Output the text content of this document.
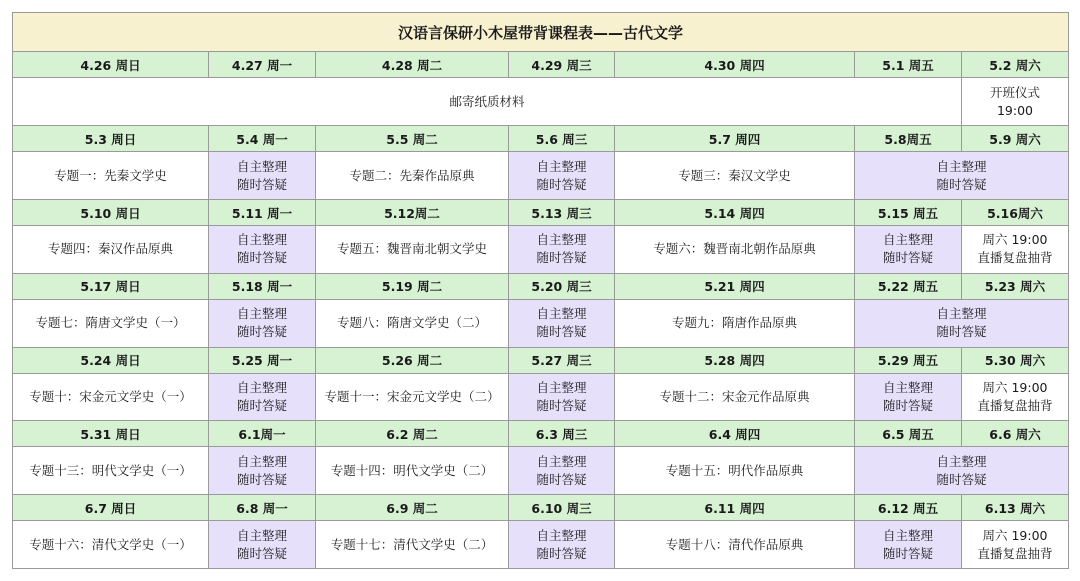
汉语言保研小木屋带背课程表——古代文学						
4.26 周日	4.27 周一	4.28 周二	4.29 周三	4.30 周四	5.1 周五	5.2 周六
邮寄纸质材料						开班仪式
19:00

5.3 周日	5.4 周一	5.5 周二	5.6 周三	5.7 周四	5.8周五	5.9 周六
专题一：先秦文学史	自主整理
随时答疑	专题二：先秦作品原典	自主整理
随时答疑	专题三：秦汉文学史	自主整理
随时答疑	

5.10 周日	5.11 周一	5.12周二	5.13 周三	5.14 周四	5.15 周五	5.16周六
专题四：秦汉作品原典	自主整理
随时答疑	专题五：魏晋南北朝文学史	自主整理
随时答疑	专题六：魏晋南北朝作品原典	自主整理
随时答疑	周六 19:00
直播复盘抽背

5.17 周日	5.18 周一	5.19 周二	5.20 周三	5.21 周四	5.22 周五	5.23 周六
专题七：隋唐文学史（一）	自主整理
随时答疑	专题八：隋唐文学史（二）	自主整理
随时答疑	专题九：隋唐作品原典	自主整理
随时答疑	

5.24 周日	5.25 周一	5.26 周二	5.27 周三	5.28 周四	5.29 周五	5.30 周六
专题十：宋金元文学史（一）	自主整理
随时答疑	专题十一：宋金元文学史（二）	自主整理
随时答疑	专题十二：宋金元作品原典	自主整理
随时答疑	周六 19:00
直播复盘抽背

5.31 周日	6.1周一	6.2 周二	6.3 周三	6.4 周四	6.5 周五	6.6 周六
专题十三：明代文学史（一）	自主整理
随时答疑	专题十四：明代文学史（二）	自主整理
随时答疑	专题十五：明代作品原典	自主整理
随时答疑	

6.7 周日	6.8 周一	6.9 周二	6.10 周三	6.11 周四	6.12 周五	6.13 周六
专题十六：清代文学史（一）	自主整理
随时答疑	专题十七：清代文学史（二）	自主整理
随时答疑	专题十八：清代作品原典	自主整理
随时答疑	周六 19:00
直播复盘抽背
